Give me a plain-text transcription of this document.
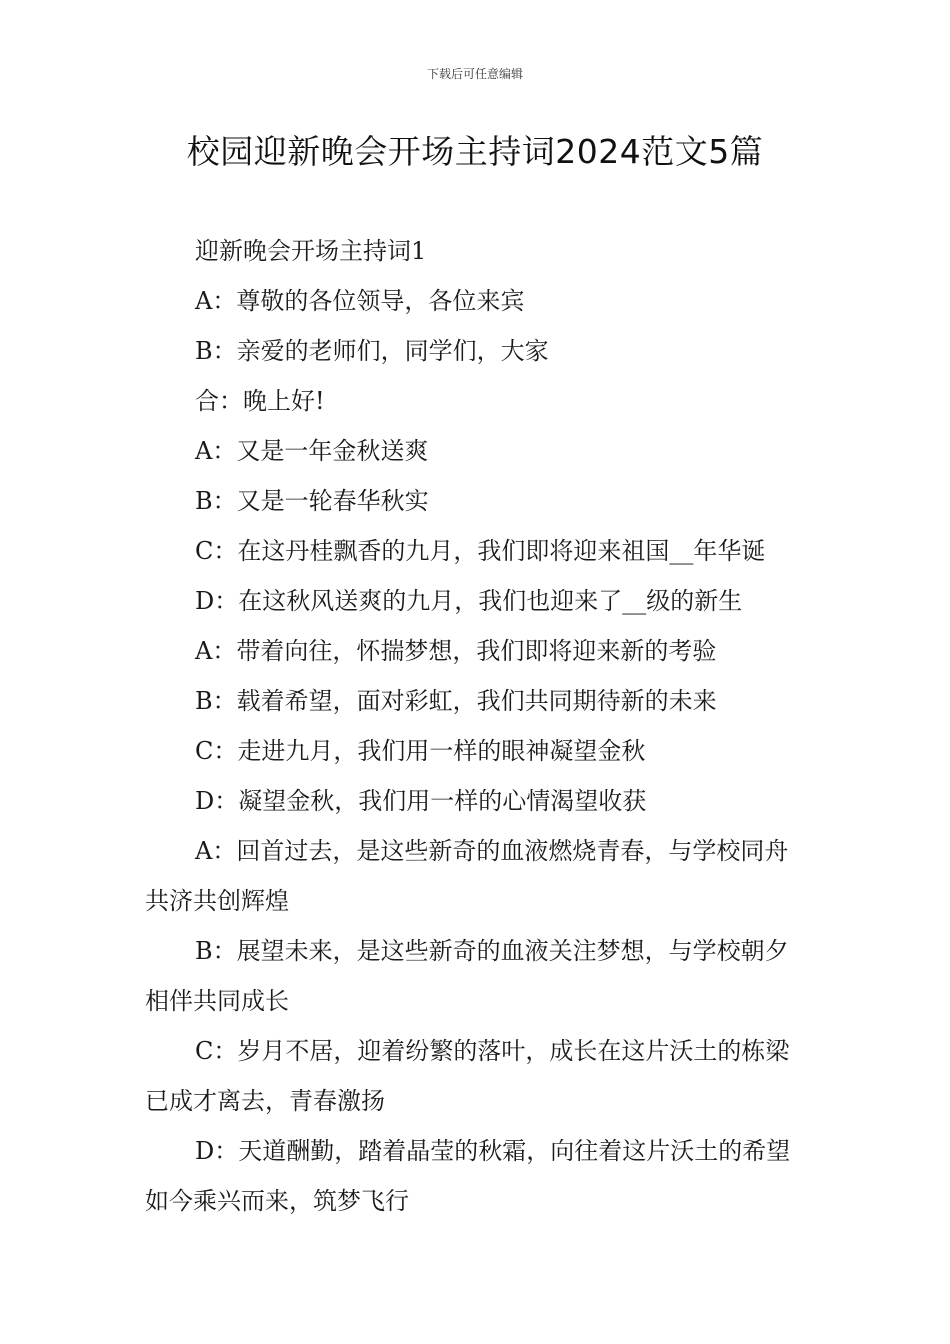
下载后可任意编辑
校园迎新晚会开场主持词2024范文5篇

迎新晚会开场主持词1

A：尊敬的各位领导，各位来宾

B：亲爱的老师们，同学们，大家

合：晚上好!

A：又是一年金秋送爽

B：又是一轮春华秋实

C：在这丹桂飘香的九月，我们即将迎来祖国__年华诞

D：在这秋风送爽的九月，我们也迎来了__级的新生

A：带着向往，怀揣梦想，我们即将迎来新的考验

B：载着希望，面对彩虹，我们共同期待新的未来

C：走进九月，我们用一样的眼神凝望金秋

D：凝望金秋，我们用一样的心情渴望收获

A：回首过去，是这些新奇的血液燃烧青春，与学校同舟共济共创辉煌

B：展望未来，是这些新奇的血液关注梦想，与学校朝夕相伴共同成长

C：岁月不居，迎着纷繁的落叶，成长在这片沃土的栋梁已成才离去，青春激扬

D：天道酬勤，踏着晶莹的秋霜，向往着这片沃土的希望如今乘兴而来，筑梦飞行
